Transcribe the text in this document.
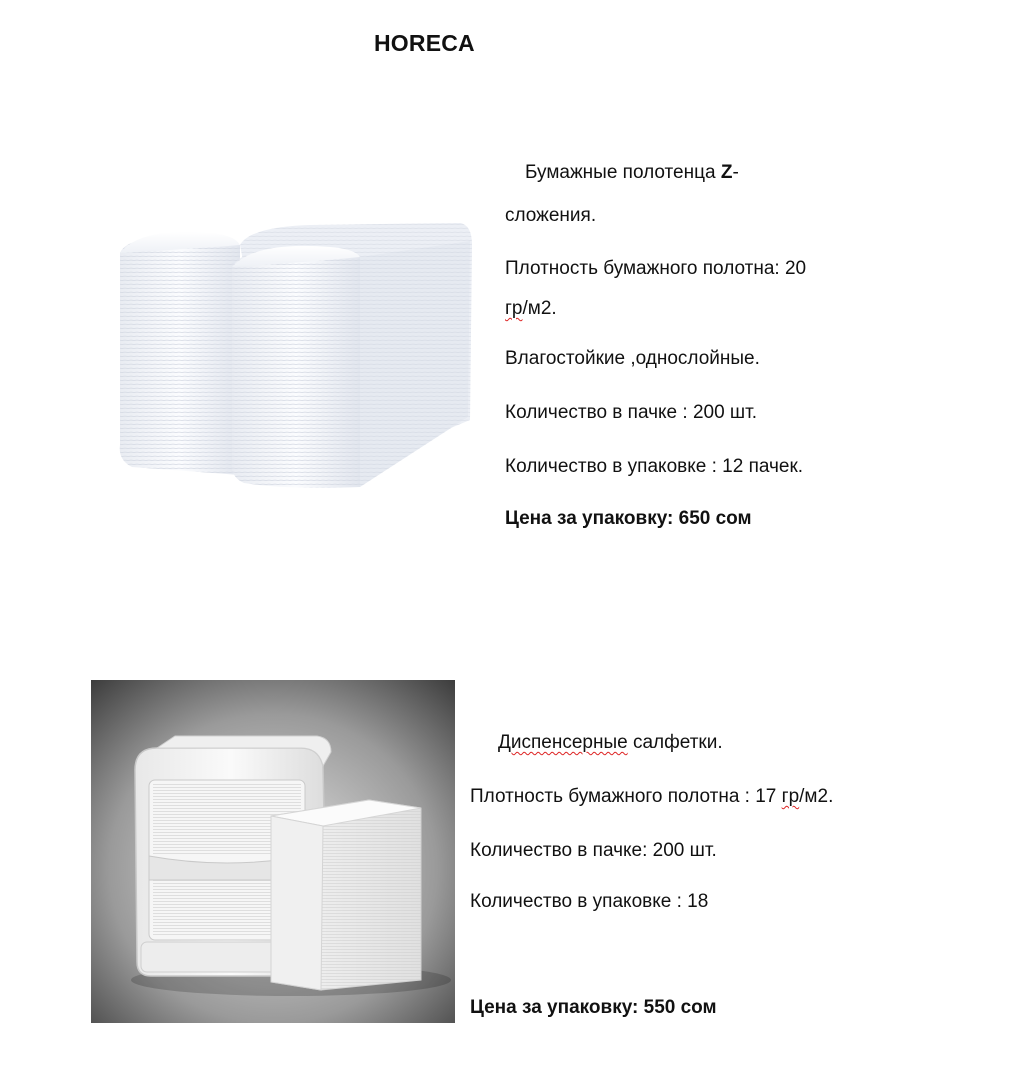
HORECA

Бумажные полотенца Z-

сложения.

Плотность бумажного полотна: 20

гр/м2.

Влагостойкие ,однослойные.

Количество в пачке : 200 шт.

Количество в упаковке : 12 пачек.

Цена за упаковку: 650 сом

Диспенсерные салфетки.

Плотность бумажного полотна : 17 гр/м2.

Количество в пачке: 200 шт.

Количество в упаковке : 18

Цена за упаковку: 550 сом
